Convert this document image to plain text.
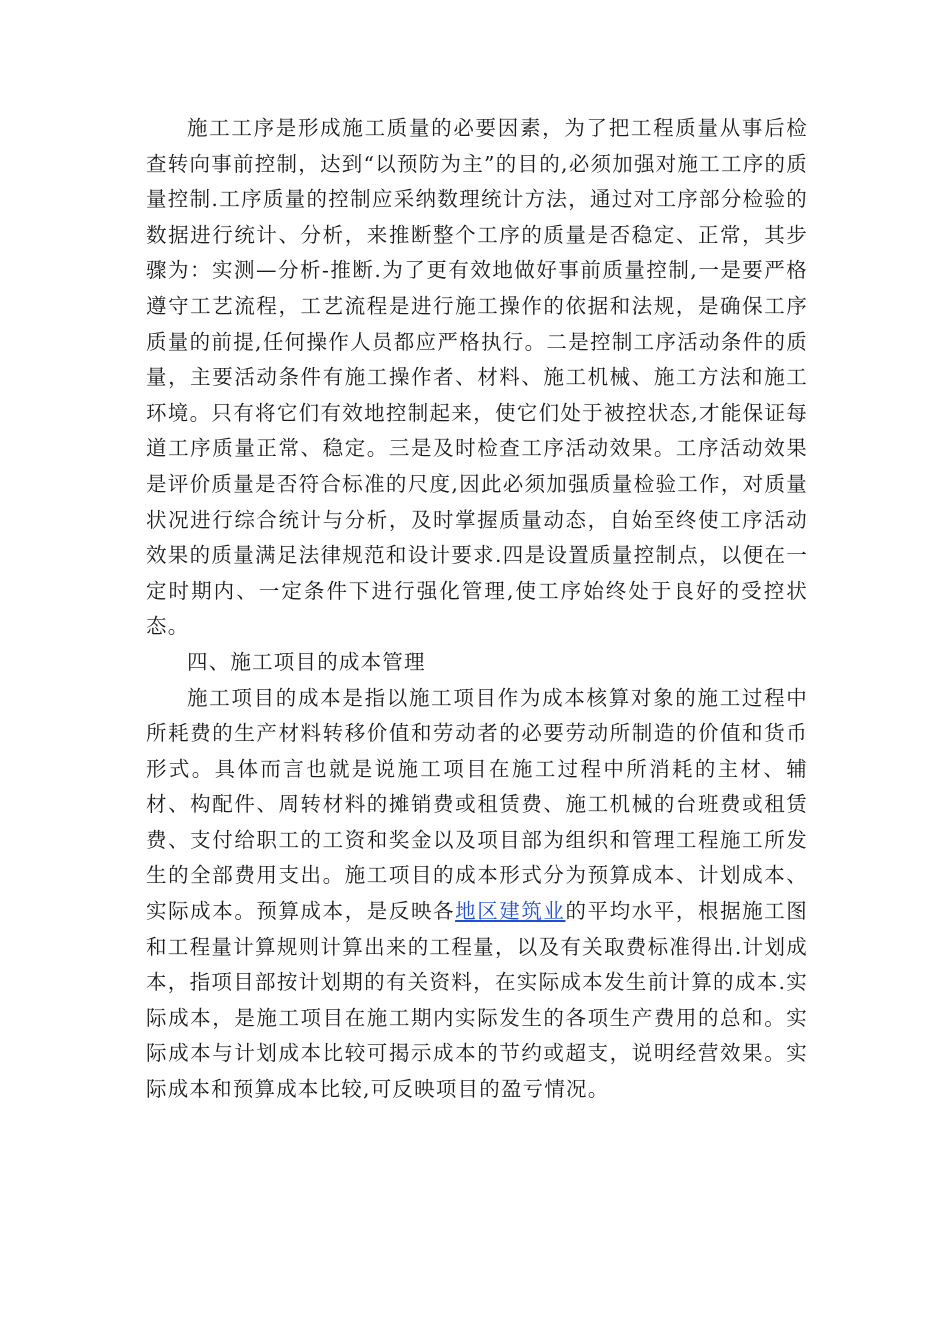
施工工序是形成施工质量的必要因素，为了把工程质量从事后检查转向事前控制，达到“以预防为主”的目的,必须加强对施工工序的质量控制.工序质量的控制应采纳数理统计方法，通过对工序部分检验的数据进行统计、分析，来推断整个工序的质量是否稳定、正常，其步骤为：实测—分析-推断.为了更有效地做好事前质量控制,一是要严格遵守工艺流程，工艺流程是进行施工操作的依据和法规，是确保工序质量的前提,任何操作人员都应严格执行。二是控制工序活动条件的质量，主要活动条件有施工操作者、材料、施工机械、施工方法和施工环境。只有将它们有效地控制起来，使它们处于被控状态,才能保证每道工序质量正常、稳定。三是及时检查工序活动效果。工序活动效果是评价质量是否符合标准的尺度,因此必须加强质量检验工作，对质量状况进行综合统计与分析，及时掌握质量动态，自始至终使工序活动效果的质量满足法律规范和设计要求.四是设置质量控制点，以便在一定时期内、一定条件下进行强化管理,使工序始终处于良好的受控状态。

四、施工项目的成本管理

施工项目的成本是指以施工项目作为成本核算对象的施工过程中所耗费的生产材料转移价值和劳动者的必要劳动所制造的价值和货币形式。具体而言也就是说施工项目在施工过程中所消耗的主材、辅材、构配件、周转材料的摊销费或租赁费、施工机械的台班费或租赁费、支付给职工的工资和奖金以及项目部为组织和管理工程施工所发生的全部费用支出。施工项目的成本形式分为预算成本、计划成本、实际成本。预算成本，是反映各地区建筑业的平均水平，根据施工图和工程量计算规则计算出来的工程量，以及有关取费标准得出.计划成本，指项目部按计划期的有关资料，在实际成本发生前计算的成本.实际成本，是施工项目在施工期内实际发生的各项生产费用的总和。实际成本与计划成本比较可揭示成本的节约或超支，说明经营效果。实际成本和预算成本比较,可反映项目的盈亏情况。
